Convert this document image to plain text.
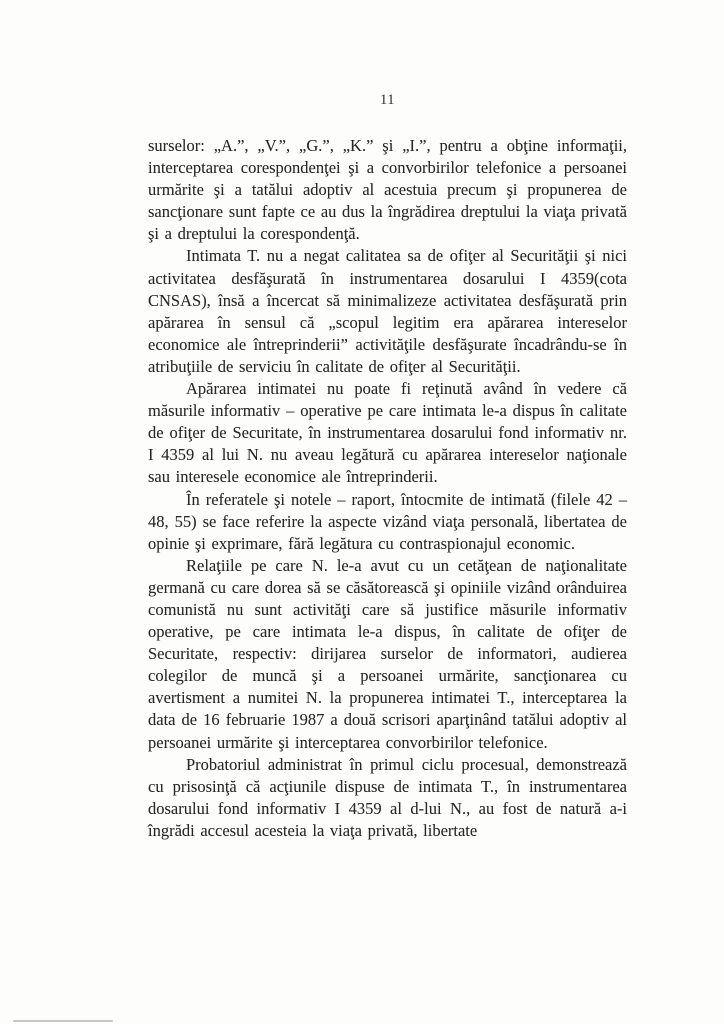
11

surselor: „A.”, „V.”, „G.”, „K.” şi „I.”, pentru a obţine informaţii, interceptarea corespondenţei şi a convorbirilor telefonice a persoanei urmărite şi a tatălui adoptiv al acestuia precum şi propunerea de sancţionare sunt fapte ce au dus la îngrădirea dreptului la viaţa privată şi a dreptului la corespondenţă.

Intimata T. nu a negat calitatea sa de ofiţer al Securităţii şi nici activitatea desfăşurată în instrumentarea dosarului I 4359(cota CNSAS), însă a încercat să minimalizeze activitatea desfăşurată prin apărarea în sensul că „scopul legitim era apărarea intereselor economice ale întreprinderii” activităţile desfăşurate încadrându-se în atribuţiile de serviciu în calitate de ofiţer al Securităţii.

Apărarea intimatei nu poate fi reţinută având în vedere că măsurile informativ – operative pe care intimata le-a dispus în calitate de ofiţer de Securitate, în instrumentarea dosarului fond informativ nr. I 4359 al lui N. nu aveau legătură cu apărarea intereselor naţionale sau interesele economice ale întreprinderii.

În referatele şi notele – raport, întocmite de intimată (filele 42 – 48, 55) se face referire la aspecte vizând viaţa personală, libertatea de opinie şi exprimare, fără legătura cu contraspionajul economic.

Relaţiile pe care N. le-a avut cu un cetăţean de naţionalitate germană cu care dorea să se căsătorească şi opiniile vizând orânduirea comunistă nu sunt activităţi care să justifice măsurile informativ operative, pe care intimata le-a dispus, în calitate de ofiţer de Securitate, respectiv: dirijarea surselor de informatori, audierea colegilor de muncă şi a persoanei urmărite, sancţionarea cu avertisment a numitei N. la propunerea intimatei T., interceptarea la data de 16 februarie 1987 a două scrisori aparţinând tatălui adoptiv al persoanei urmărite şi interceptarea convorbirilor telefonice.

Probatoriul administrat în primul ciclu procesual, demonstrează cu prisosinţă că acţiunile dispuse de intimata T., în instrumentarea dosarului fond informativ I 4359 al d-lui N., au fost de natură a-i îngrădi accesul acesteia la viaţa privată, libertate
